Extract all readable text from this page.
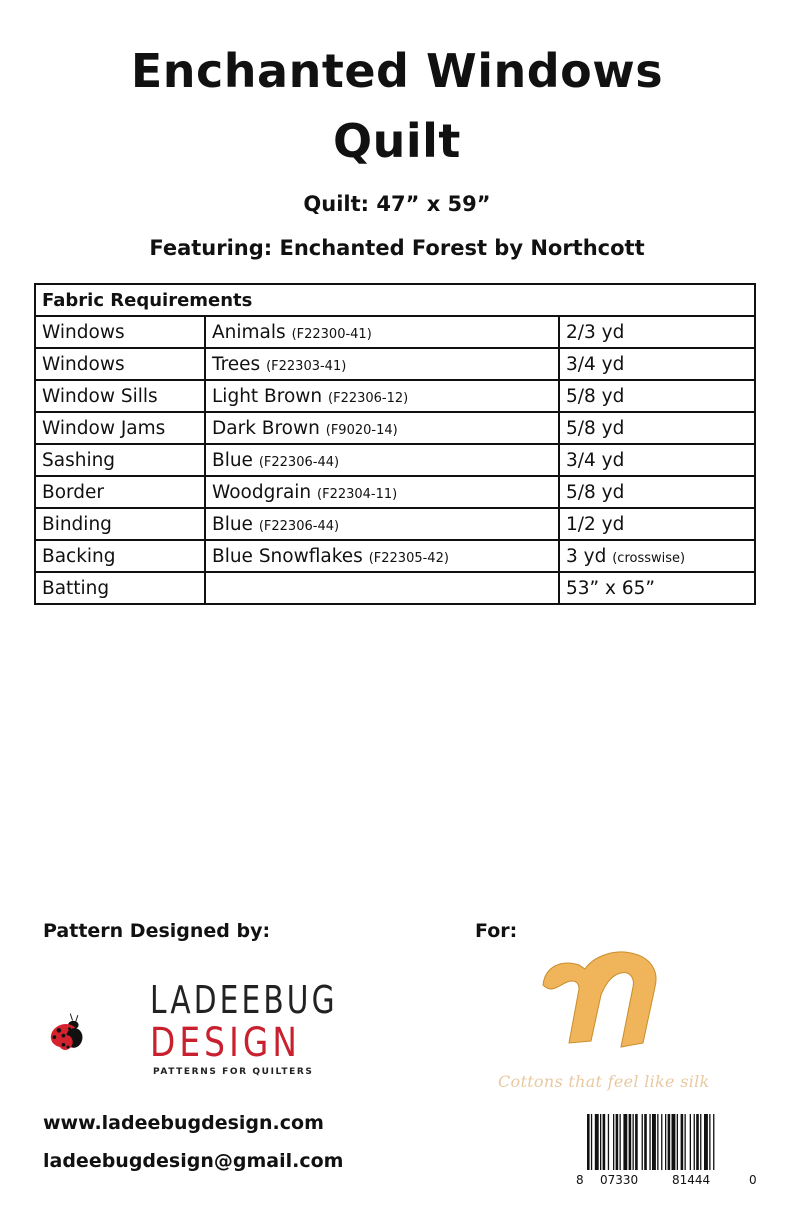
Enchanted Windows
Quilt
Quilt: 47” x 59”
Featuring: Enchanted Forest by Northcott
Fabric Requirements		
Windows	Animals (F22300-41)	2/3 yd
Windows	Trees (F22303-41)	3/4 yd
Window Sills	Light Brown (F22306-12)	5/8 yd
Window Jams	Dark Brown (F9020-14)	5/8 yd
Sashing	Blue (F22306-44)	3/4 yd
Border	Woodgrain (F22304-11)	5/8 yd
Binding	Blue (F22306-44)	1/2 yd
Backing	Blue Snowflakes (F22305-42)	3 yd (crosswise)
Batting		53” x 65”
Pattern Designed by:	For:
LADEEBUG
DESIGN
PATTERNS FOR QUILTERS
www.ladeebugdesign.com
ladeebugdesign@gmail.com
Cottons that feel like silk
8 07330	81444	0
